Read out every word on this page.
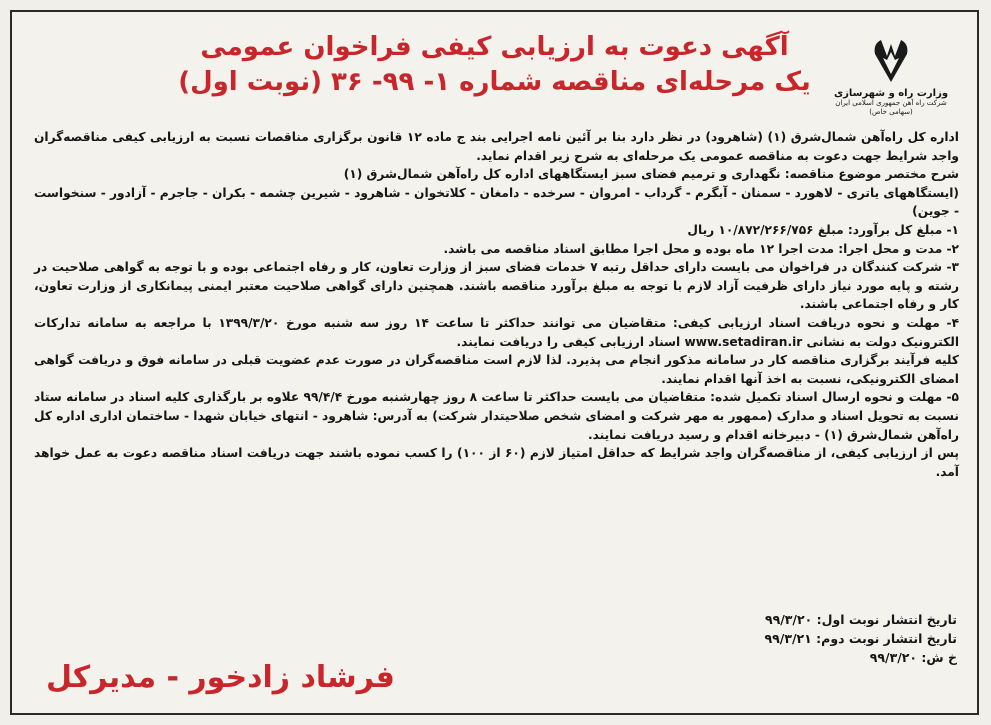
وزارت راه و شهرسازی
شرکت راه آهن جمهوری اسلامی ایران (سهامی خاص)
آگهی دعوت به ارزیابی کیفی فراخوان عمومی
یک مرحله‌ای مناقصه شماره ۱- ۹۹- ۳۶ (نوبت اول)

اداره کل راه‌آهن شمال‌شرق (۱) (شاهرود) در نظر دارد بنا بر آئین نامه اجرایی بند ج ماده ۱۲ قانون برگزاری مناقصات نسبت به ارزیابی کیفی مناقصه‌گران واجد شرایط جهت دعوت به مناقصه عمومی یک مرحله‌ای به شرح زیر اقدام نماید.

شرح مختصر موضوع مناقصه: نگهداری و ترمیم فضای سبز ایستگاههای اداره کل راه‌آهن شمال‌شرق (۱)

(ایستگاههای یاتری - لاهورد - سمنان - آبگرم - گرداب - امروان - سرخده - دامغان - کلاتخوان - شاهرود - شیرین چشمه - بکران - جاجرم - آزادور - سنخواست - جوین)

۱- مبلغ کل برآورد: مبلغ ۱۰/۸۷۲/۲۶۶/۷۵۶ ریال

۲- مدت و محل اجرا: مدت اجرا ۱۲ ماه بوده و محل اجرا مطابق اسناد مناقصه می باشد.

۳- شرکت کنندگان در فراخوان می بایست دارای حداقل رتبه ۷ خدمات فضای سبز از وزارت تعاون، کار و رفاه اجتماعی بوده و با توجه به گواهی صلاحیت در رشته و پایه مورد نیاز دارای ظرفیت آزاد لازم با توجه به مبلغ برآورد مناقصه باشند. همچنین دارای گواهی صلاحیت معتبر ایمنی پیمانکاری از وزارت تعاون، کار و رفاه اجتماعی باشند.

۴- مهلت و نحوه دریافت اسناد ارزیابی کیفی: متقاضیان می توانند حداکثر تا ساعت ۱۴ روز سه شنبه مورخ ۱۳۹۹/۳/۲۰ با مراجعه به سامانه تدارکات الکترونیک دولت به نشانی www.setadiran.ir اسناد ارزیابی کیفی را دریافت نمایند.

کلیه فرآیند برگزاری مناقصه کار در سامانه مذکور انجام می پذیرد. لذا لازم است مناقصه‌گران در صورت عدم عضویت قبلی در سامانه فوق و دریافت گواهی امضای الکترونیکی، نسبت به اخذ آنها اقدام نمایند.

۵- مهلت و نحوه ارسال اسناد تکمیل شده: متقاضیان می بایست حداکثر تا ساعت ۸ روز چهارشنبه مورخ ۹۹/۴/۴ علاوه بر بارگذاری کلیه اسناد در سامانه ستاد نسبت به تحویل اسناد و مدارک (ممهور به مهر شرکت و امضای شخص صلاحیتدار شرکت) به آدرس: شاهرود - انتهای خیابان شهدا - ساختمان اداری اداره کل راه‌آهن شمال‌شرق (۱) - دبیرخانه اقدام و رسید دریافت نمایند.

پس از ارزیابی کیفی، از مناقصه‌گران واجد شرایط که حداقل امتیاز لازم (۶۰ از ۱۰۰) را کسب نموده باشند جهت دریافت اسناد مناقصه دعوت به عمل خواهد آمد.

تاریخ انتشار نوبت اول: ۹۹/۳/۲۰
تاریخ انتشار نوبت دوم: ۹۹/۳/۲۱
خ ش: ۹۹/۳/۲۰
فرشاد زادخور - مدیرکل
